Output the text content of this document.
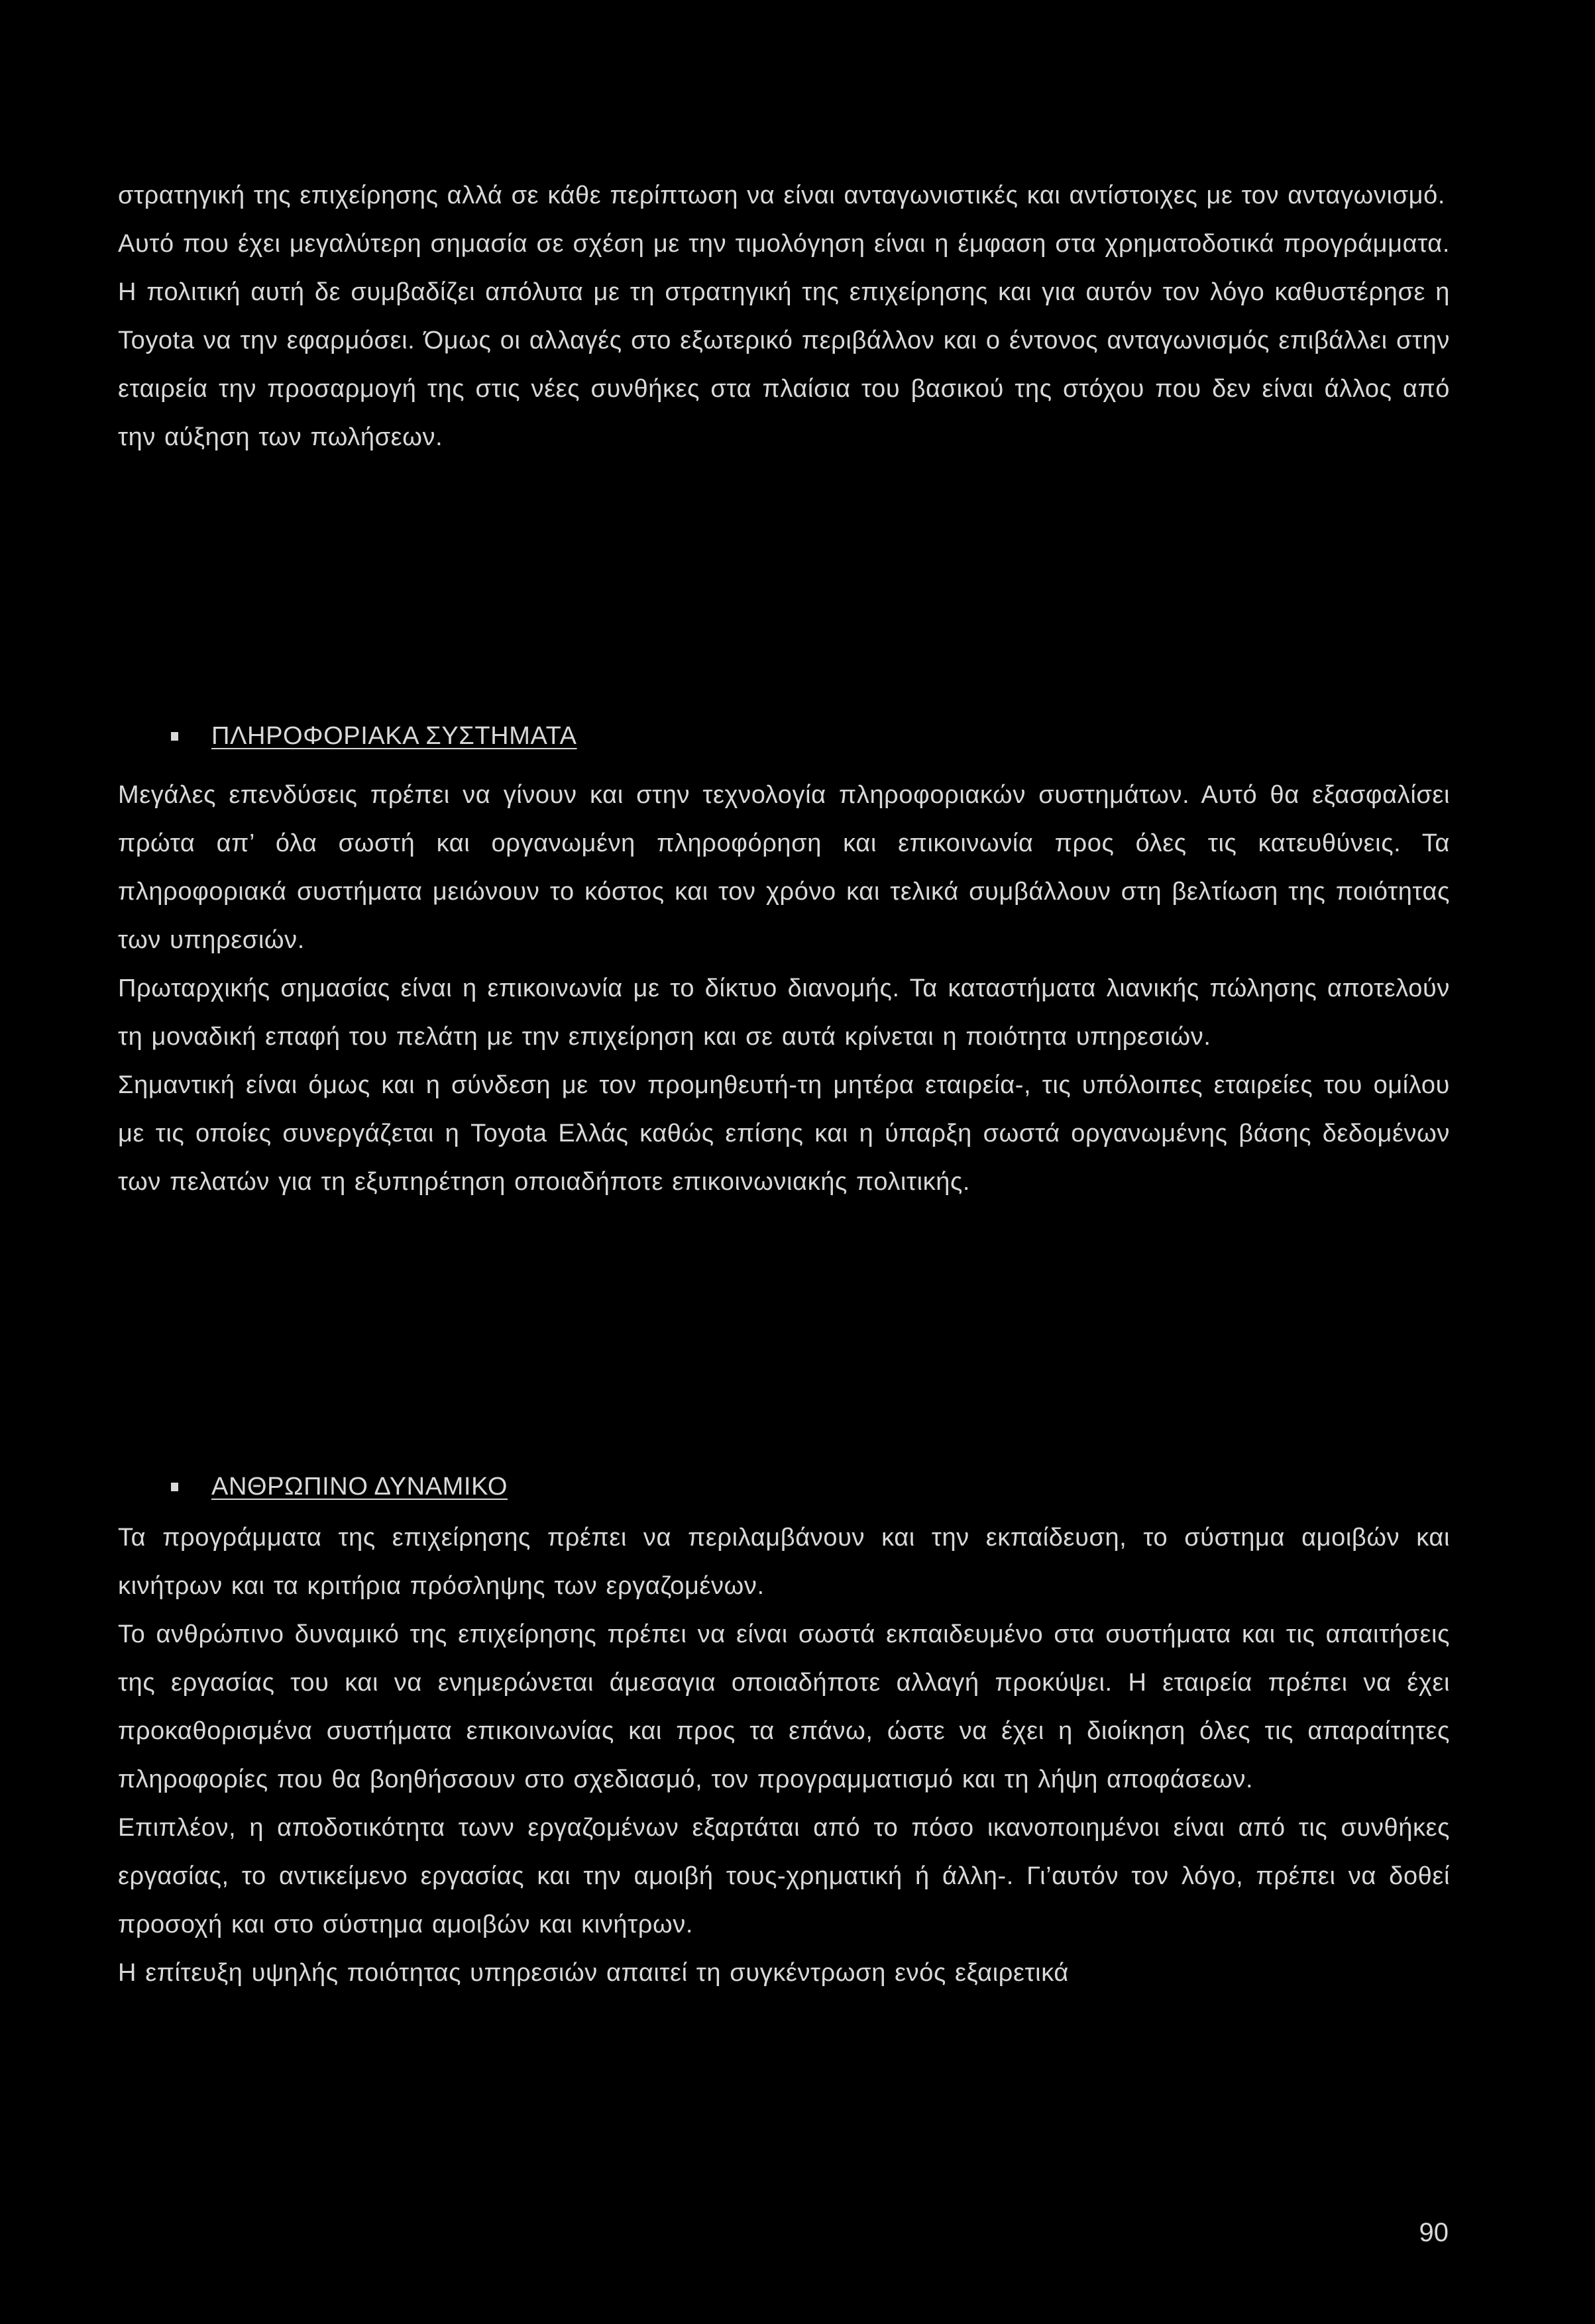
στρατηγική της επιχείρησης αλλά σε κάθε περίπτωση να είναι ανταγωνιστικές και αντίστοιχες με τον ανταγωνισμό.

Αυτό που έχει μεγαλύτερη σημασία σε σχέση με την τιμολόγηση είναι η έμφαση στα χρηματοδοτικά προγράμματα. Η πολιτική αυτή δε συμβαδίζει απόλυτα με τη στρατηγική της επιχείρησης και για αυτόν τον λόγο καθυστέρησε η Toyota να την εφαρμόσει. Όμως οι αλλαγές στο εξωτερικό περιβάλλον και ο έντονος ανταγωνισμός επιβάλλει στην εταιρεία την προσαρμογή της στις νέες συνθήκες στα πλαίσια του βασικού της στόχου που δεν είναι άλλος από την αύξηση των πωλήσεων.

ΠΛΗΡΟΦΟΡΙΑΚΑ ΣΥΣΤΗΜΑΤΑ

Μεγάλες επενδύσεις πρέπει να γίνουν και στην τεχνολογία πληροφοριακών συστημάτων. Αυτό θα εξασφαλίσει πρώτα απ’ όλα σωστή και οργανωμένη πληροφόρηση και επικοινωνία προς όλες τις κατευθύνεις. Τα πληροφοριακά συστήματα μειώνουν το κόστος και τον χρόνο και τελικά συμβάλλουν στη βελτίωση της ποιότητας των υπηρεσιών.

Πρωταρχικής σημασίας είναι η επικοινωνία με το δίκτυο διανομής. Τα καταστήματα λιανικής πώλησης αποτελούν τη μοναδική επαφή του πελάτη με την επιχείρηση και σε αυτά κρίνεται η ποιότητα υπηρεσιών.

Σημαντική είναι όμως και η σύνδεση με τον προμηθευτή-τη μητέρα εταιρεία-, τις υπόλοιπες εταιρείες του ομίλου με τις οποίες συνεργάζεται η Toyota Ελλάς καθώς επίσης και η ύπαρξη σωστά οργανωμένης βάσης δεδομένων των πελατών για τη εξυπηρέτηση οποιαδήποτε επικοινωνιακής πολιτικής.

ΑΝΘΡΩΠΙΝΟ ΔΥΝΑΜΙΚΟ

Τα προγράμματα της επιχείρησης πρέπει να περιλαμβάνουν και την εκπαίδευση, το σύστημα αμοιβών και κινήτρων και τα κριτήρια πρόσληψης των εργαζομένων.

Το ανθρώπινο δυναμικό της επιχείρησης πρέπει να είναι σωστά εκπαιδευμένο στα συστήματα και τις απαιτήσεις της εργασίας του και να ενημερώνεται άμεσαγια οποιαδήποτε αλλαγή προκύψει. Η εταιρεία πρέπει να έχει προκαθορισμένα συστήματα επικοινωνίας και προς τα επάνω, ώστε να έχει η διοίκηση όλες τις απαραίτητες πληροφορίες που θα βοηθήσσουν στο σχεδιασμό, τον προγραμματισμό και τη λήψη αποφάσεων.

Επιπλέον, η αποδοτικότητα τωνν εργαζομένων εξαρτάται από το πόσο ικανοποιημένοι είναι από τις συνθήκες εργασίας, το αντικείμενο εργασίας και την αμοιβή τους-χρηματική ή άλλη-. Γι’αυτόν τον λόγο, πρέπει να δοθεί προσοχή και στο σύστημα αμοιβών και κινήτρων.

Η επίτευξη υψηλής ποιότητας υπηρεσιών απαιτεί τη συγκέντρωση ενός εξαιρετικά

90
